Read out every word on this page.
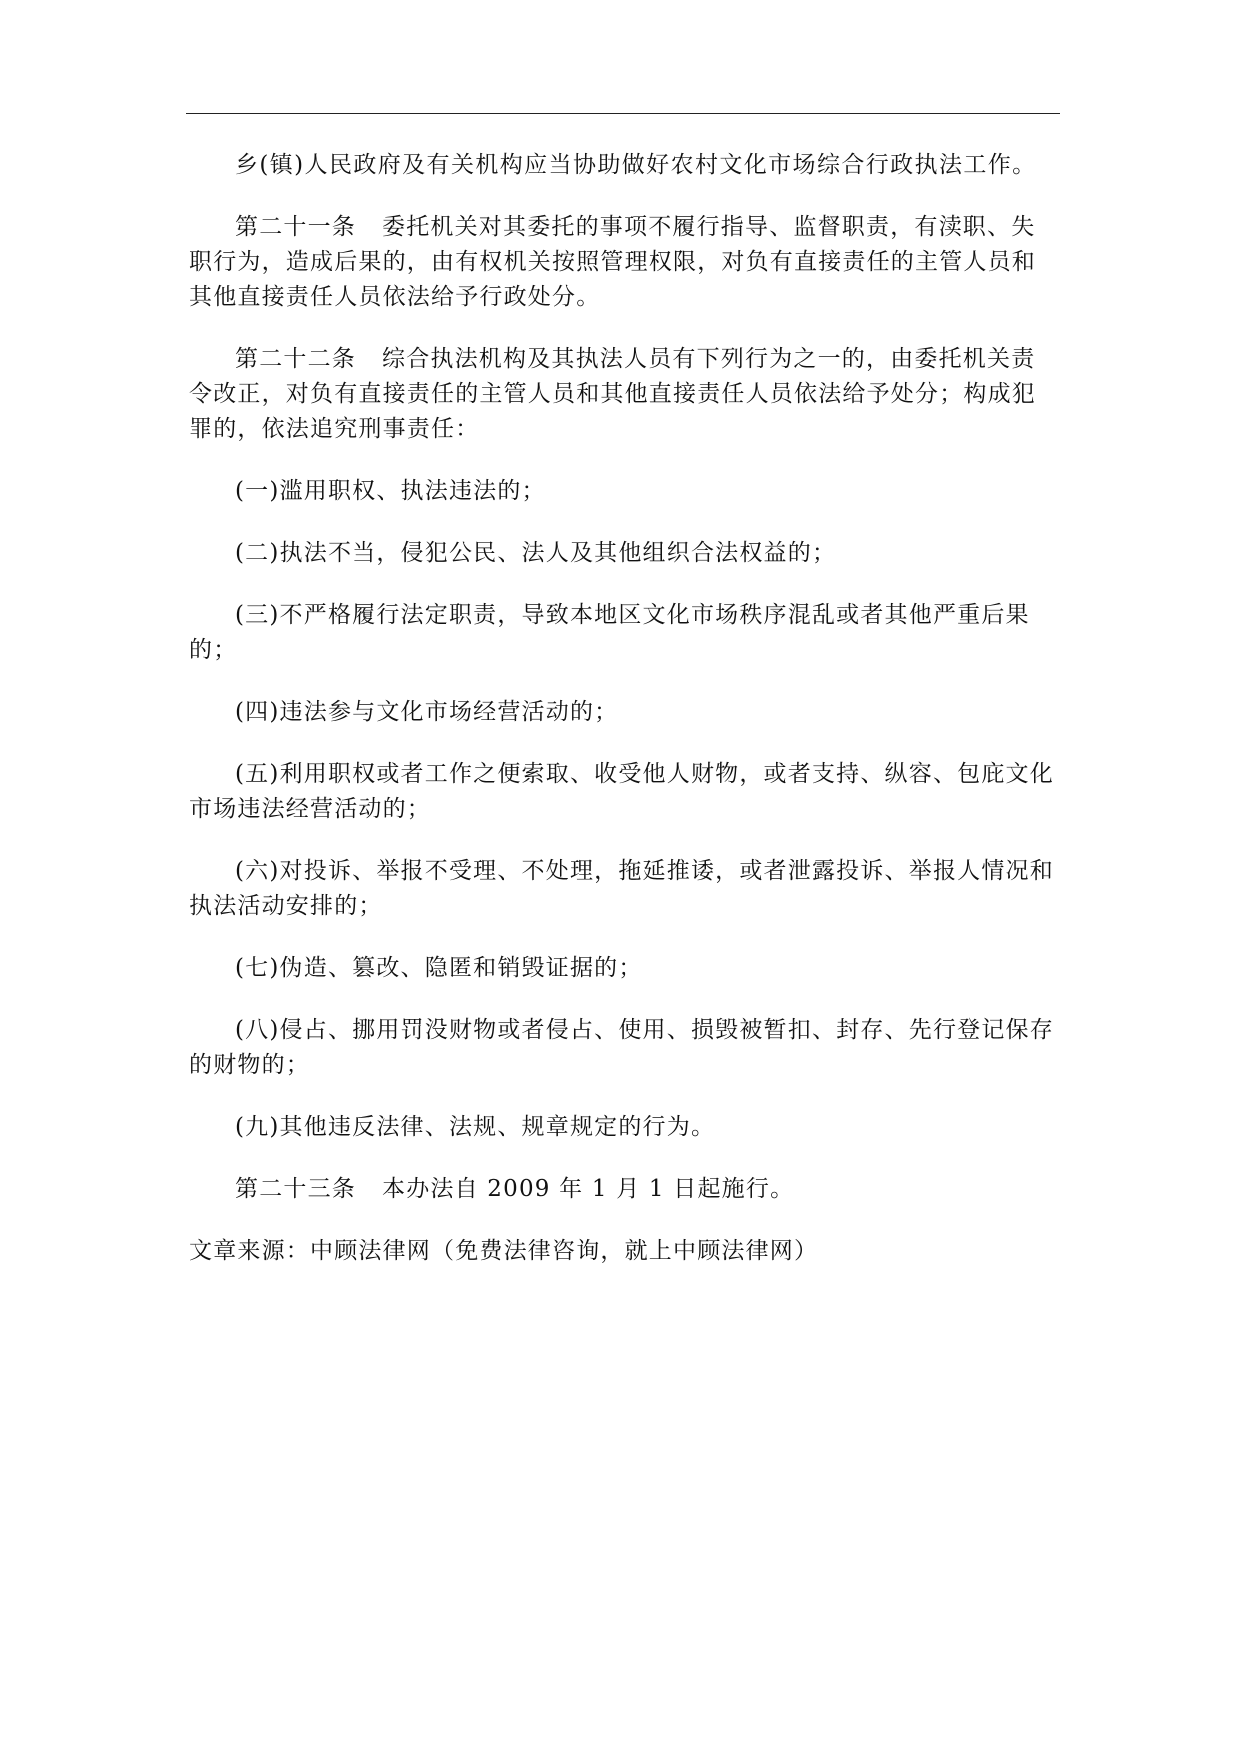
乡(镇)人民政府及有关机构应当协助做好农村文化市场综合行政执法工作。

第二十一条 委托机关对其委托的事项不履行指导、监督职责，有渎职、失职行为，造成后果的，由有权机关按照管理权限，对负有直接责任的主管人员和其他直接责任人员依法给予行政处分。

第二十二条 综合执法机构及其执法人员有下列行为之一的，由委托机关责令改正，对负有直接责任的主管人员和其他直接责任人员依法给予处分；构成犯罪的，依法追究刑事责任：

(一)滥用职权、执法违法的；

(二)执法不当，侵犯公民、法人及其他组织合法权益的；

(三)不严格履行法定职责，导致本地区文化市场秩序混乱或者其他严重后果的；

(四)违法参与文化市场经营活动的；

(五)利用职权或者工作之便索取、收受他人财物，或者支持、纵容、包庇文化市场违法经营活动的；

(六)对投诉、举报不受理、不处理，拖延推诿，或者泄露投诉、举报人情况和执法活动安排的；

(七)伪造、篡改、隐匿和销毁证据的；

(八)侵占、挪用罚没财物或者侵占、使用、损毁被暂扣、封存、先行登记保存的财物的；

(九)其他违反法律、法规、规章规定的行为。

第二十三条 本办法自 2009 年 1 月 1 日起施行。

文章来源：中顾法律网（免费法律咨询，就上中顾法律网）
